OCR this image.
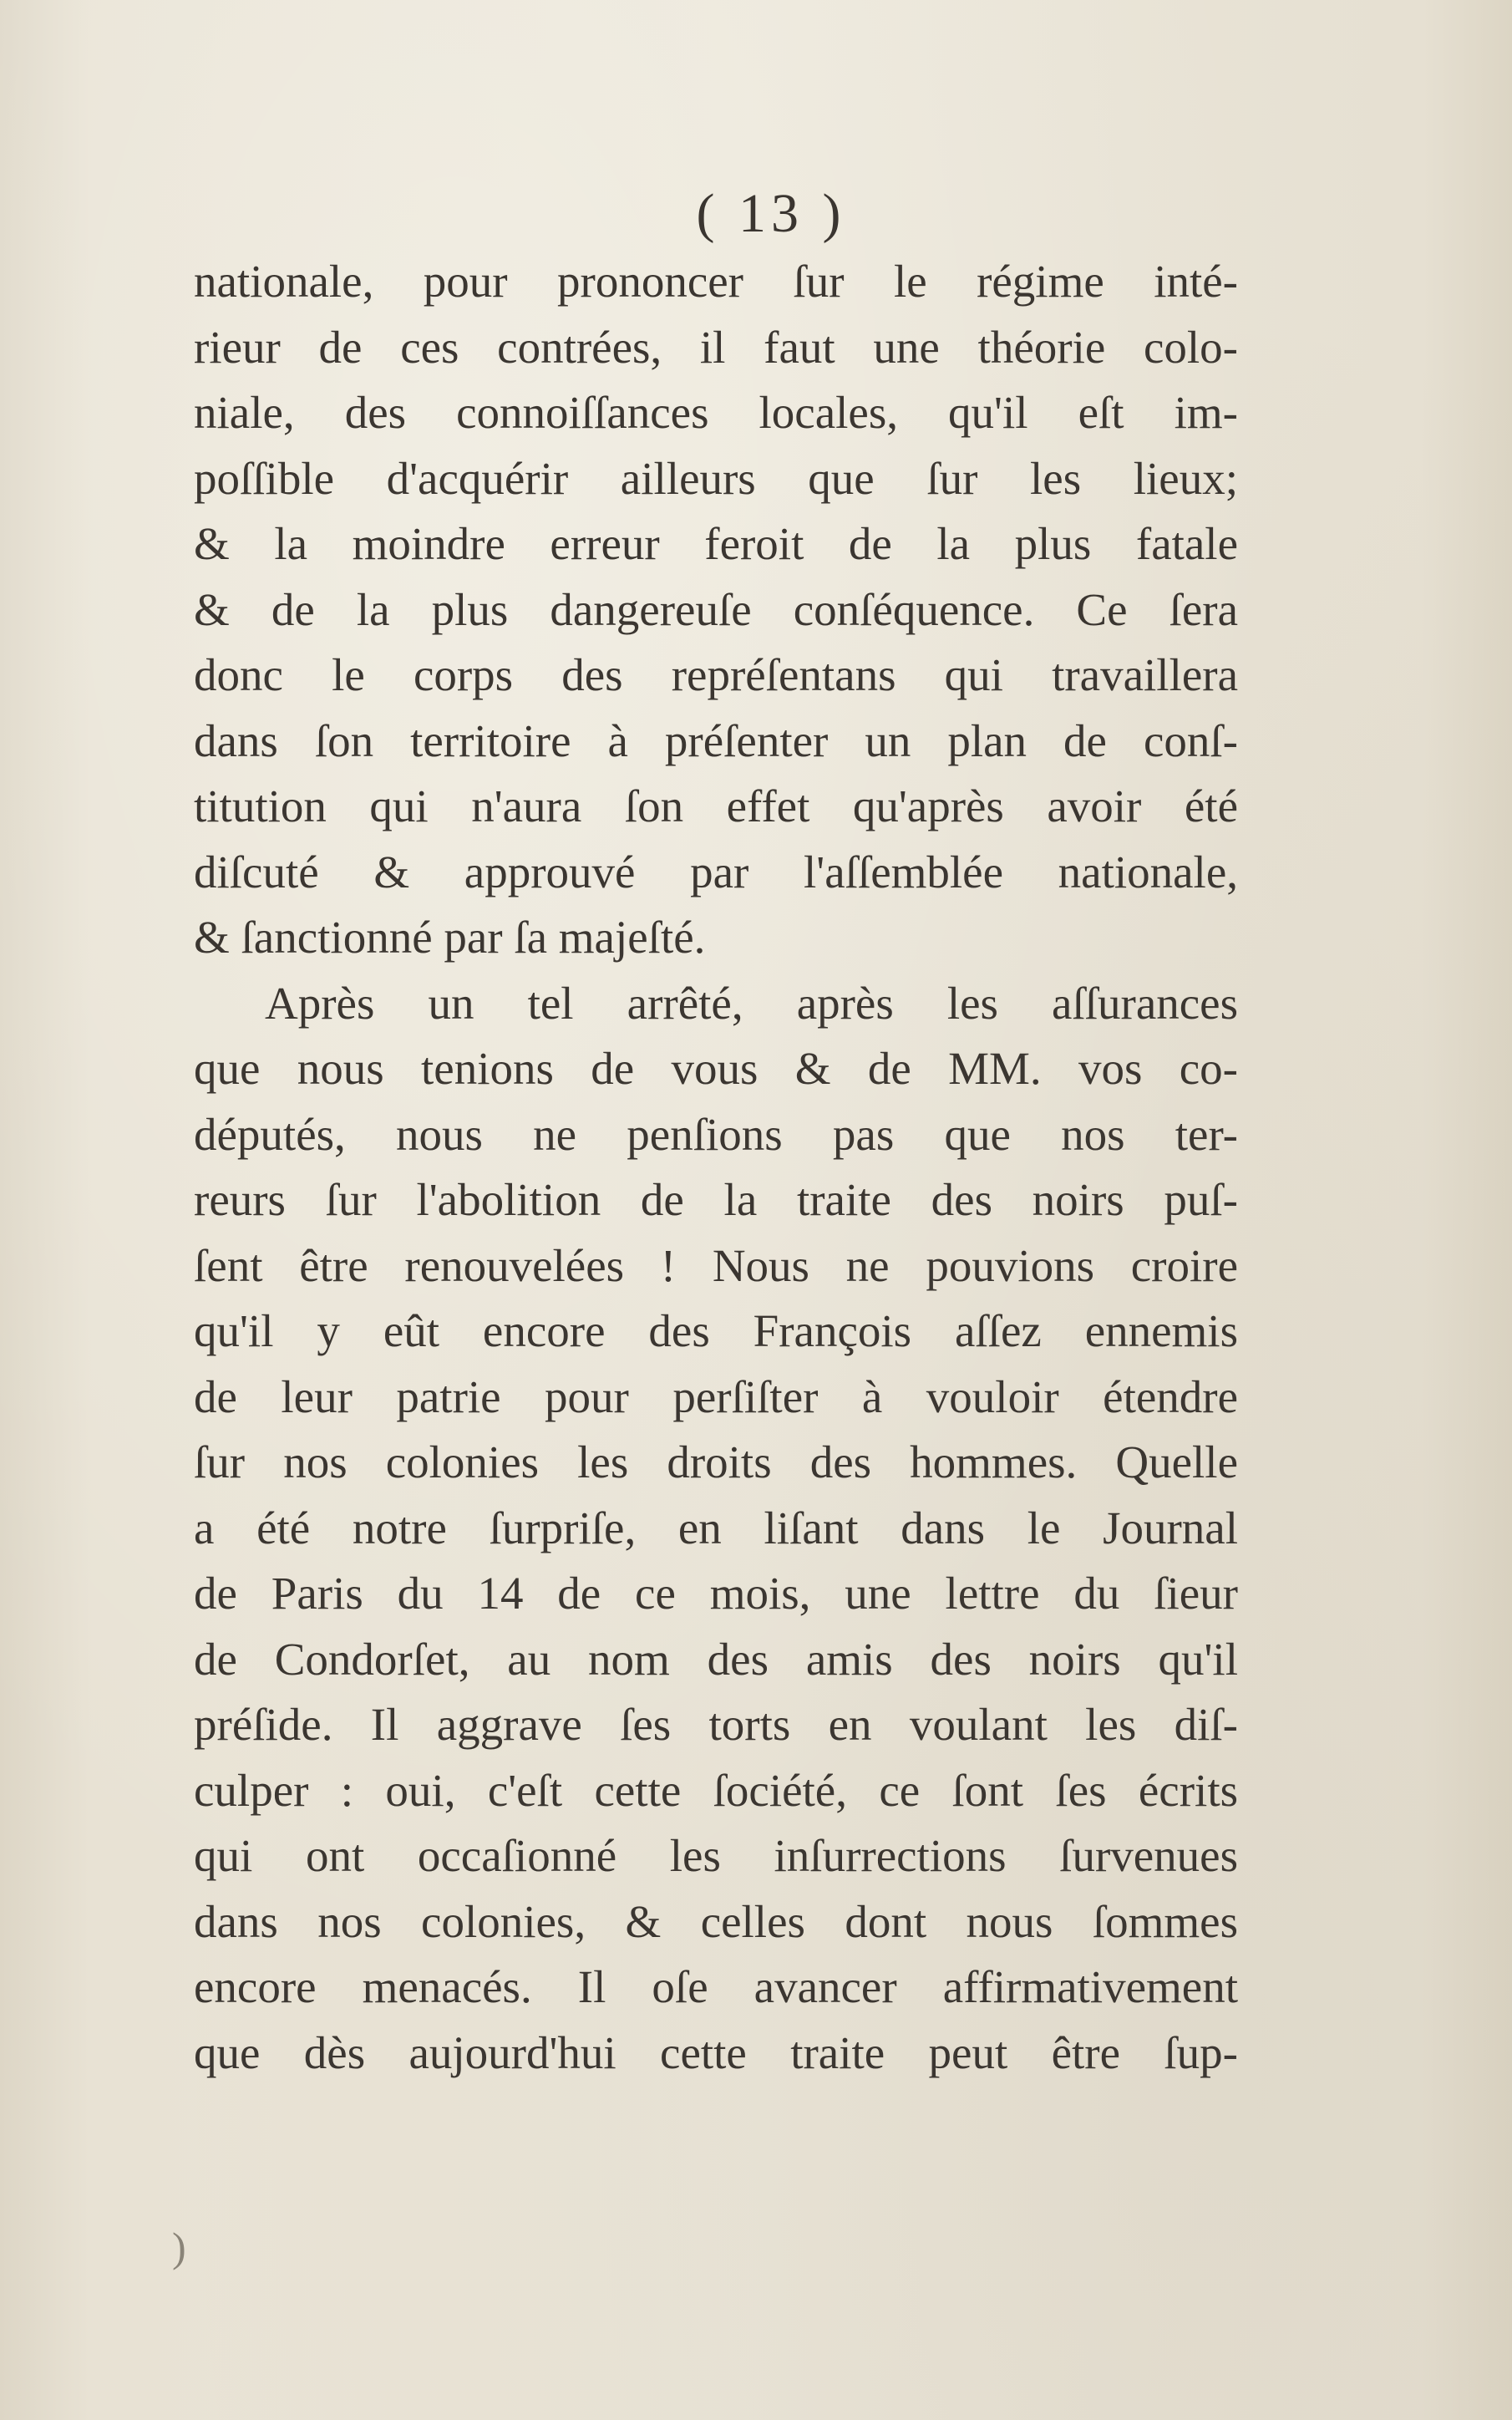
( 13 )
nationale, pour prononcer ſur le régime inté-
rieur de ces contrées, il faut une théorie colo-
niale, des connoiſſances locales, qu'il eſt im-
poſſible d'acquérir ailleurs que ſur les lieux;
& la moindre erreur feroit de la plus fatale
& de la plus dangereuſe conſéquence. Ce ſera
donc le corps des repréſentans qui travaillera
dans ſon territoire à préſenter un plan de conſ-
titution qui n'aura ſon effet qu'après avoir été
diſcuté & approuvé par l'aſſemblée nationale,
& ſanctionné par ſa majeſté.
Après un tel arrêté, après les aſſurances
que nous tenions de vous & de MM. vos co-
députés, nous ne penſions pas que nos ter-
reurs ſur l'abolition de la traite des noirs puſ-
ſent être renouvelées ! Nous ne pouvions croire
qu'il y eût encore des François aſſez ennemis
de leur patrie pour perſiſter à vouloir étendre
ſur nos colonies les droits des hommes. Quelle
a été notre ſurpriſe, en liſant dans le Journal
de Paris du 14 de ce mois, une lettre du ſieur
de Condorſet, au nom des amis des noirs qu'il
préſide. Il aggrave ſes torts en voulant les diſ-
culper : oui, c'eſt cette ſociété, ce ſont ſes écrits
qui ont occaſionné les inſurrections ſurvenues
dans nos colonies, & celles dont nous ſommes
encore menacés. Il oſe avancer affirmativement
que dès aujourd'hui cette traite peut être ſup-
)
